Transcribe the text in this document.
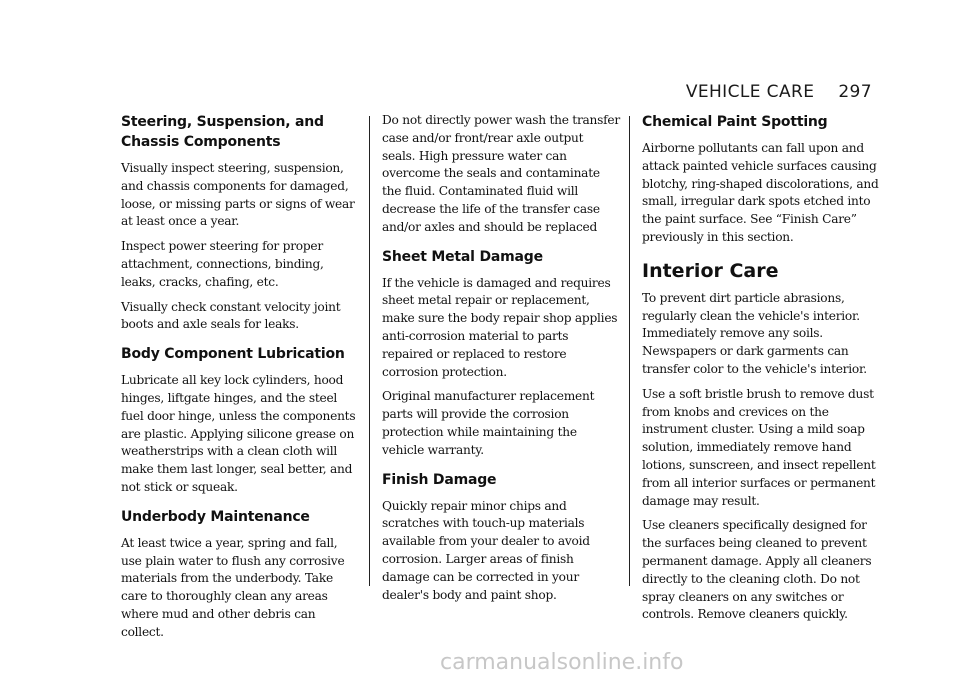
VEHICLE CARE 297
Steering, Suspension, and Chassis Components

Visually inspect steering, suspension, and chassis components for damaged, loose, or missing parts or signs of wear at least once a year.

Inspect power steering for proper attachment, connections, binding, leaks, cracks, chafing, etc.

Visually check constant velocity joint boots and axle seals for leaks.

Body Component Lubrication

Lubricate all key lock cylinders, hood hinges, liftgate hinges, and the steel fuel door hinge, unless the components are plastic. Applying silicone grease on weatherstrips with a clean cloth will make them last longer, seal better, and not stick or squeak.

Underbody Maintenance

At least twice a year, spring and fall, use plain water to flush any corrosive materials from the underbody. Take care to thoroughly clean any areas where mud and other debris can collect.

Do not directly power wash the transfer case and/or front/rear axle output seals. High pressure water can overcome the seals and contaminate the fluid. Contaminated fluid will decrease the life of the transfer case and/or axles and should be replaced

Sheet Metal Damage

If the vehicle is damaged and requires sheet metal repair or replacement, make sure the body repair shop applies anti-corrosion material to parts repaired or replaced to restore corrosion protection.

Original manufacturer replacement parts will provide the corrosion protection while maintaining the vehicle warranty.

Finish Damage

Quickly repair minor chips and scratches with touch-up materials available from your dealer to avoid corrosion. Larger areas of finish damage can be corrected in your dealer's body and paint shop.

Chemical Paint Spotting

Airborne pollutants can fall upon and attack painted vehicle surfaces causing blotchy, ring-shaped discolorations, and small, irregular dark spots etched into the paint surface. See “Finish Care” previously in this section.

Interior Care

To prevent dirt particle abrasions, regularly clean the vehicle's interior. Immediately remove any soils. Newspapers or dark garments can transfer color to the vehicle's interior.

Use a soft bristle brush to remove dust from knobs and crevices on the instrument cluster. Using a mild soap solution, immediately remove hand lotions, sunscreen, and insect repellent from all interior surfaces or permanent damage may result.

Use cleaners specifically designed for the surfaces being cleaned to prevent permanent damage. Apply all cleaners directly to the cleaning cloth. Do not spray cleaners on any switches or controls. Remove cleaners quickly.

carmanualsonline.info
